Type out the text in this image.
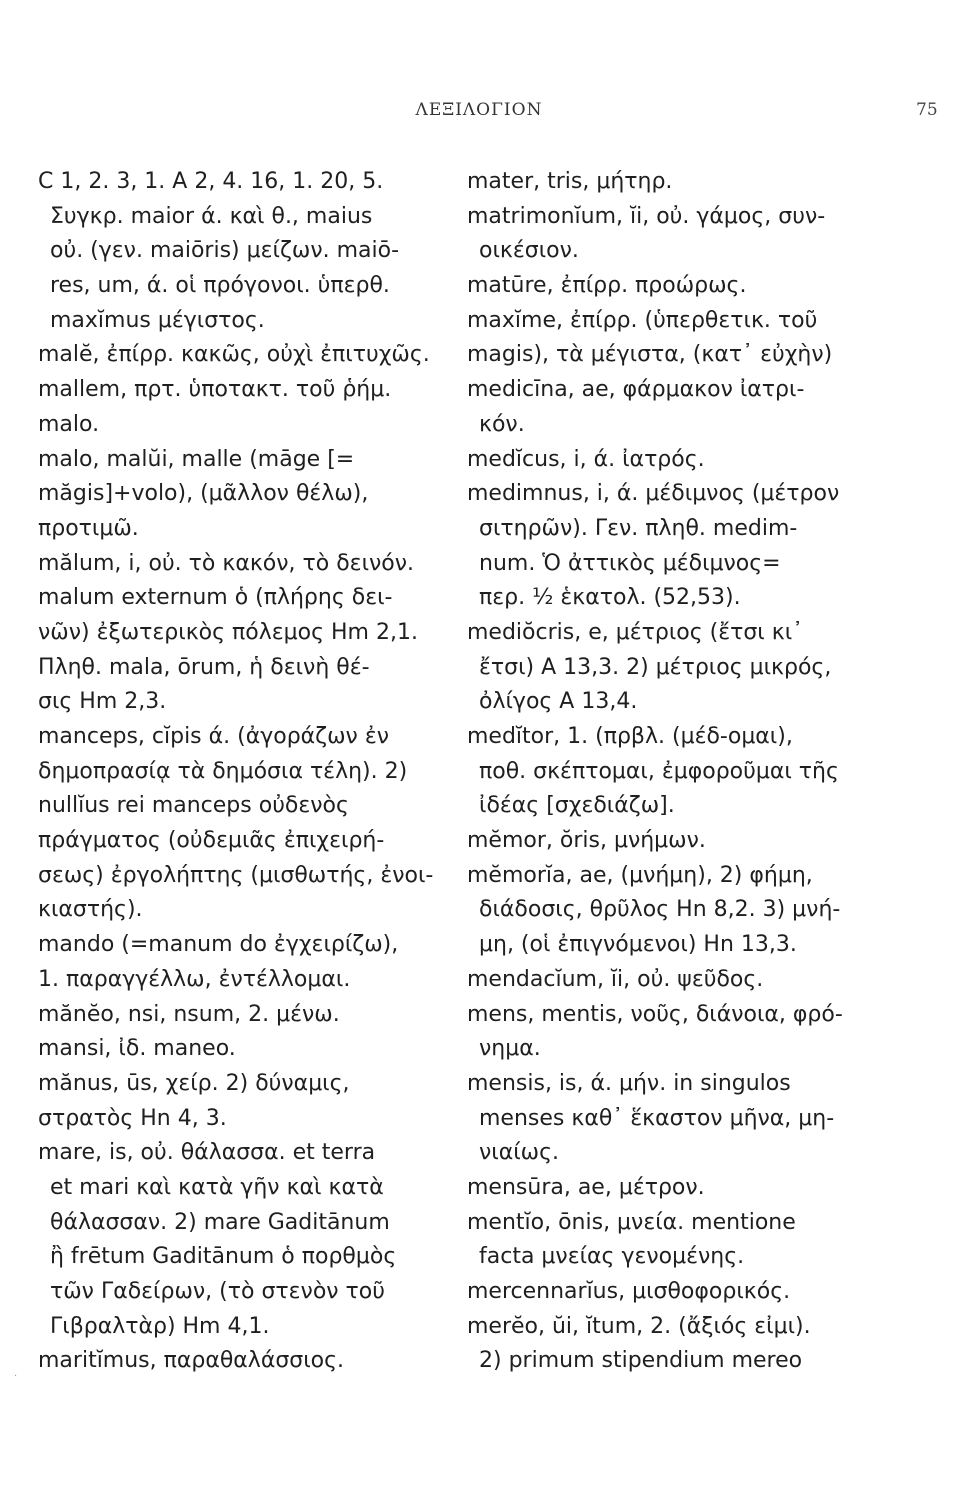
ΛΕΞΙΛΟΓΙΟΝ	75
C 1, 2. 3, 1. A 2, 4. 16, 1. 20, 5.
Συγκρ. maior ά. καὶ θ., maius
οὐ. (γεν. maiōris) μείζων. maiō-
res, um, ά. οἱ πρόγονοι. ὑπερθ.
maxĭmus μέγιστος.
malĕ, ἐπίρρ. κακῶς, οὐχὶ ἐπιτυχῶς.
mallem, πρτ. ὑποτακτ. τοῦ ῥήμ.
malo.
malo, malŭi, malle (māge [=
măgis]+volo), (μᾶλλον θέλω),
προτιμῶ.
mălum, i, οὐ. τὸ κακόν, τὸ δεινόν.
malum externum ὁ (πλήρης δει-
νῶν) ἐξωτερικὸς πόλεμος Hm 2,1.
Πληθ. mala, ōrum, ἡ δεινὴ θέ-
σις Hm 2,3.
manceps, cĭpis ά. (ἀγοράζων ἐν
δημοπρασίᾳ τὰ δημόσια τέλη). 2)
nullĭus rei manceps οὐδενὸς
πράγματος (οὐδεμιᾶς ἐπιχειρή-
σεως) ἐργολήπτης (μισθωτής, ἐνοι-
κιαστής).
mando (=manum do ἐγχειρίζω),
1. παραγγέλλω, ἐντέλλομαι.
mănĕo, nsi, nsum, 2. μένω.
mansi, ἰδ. maneo.
mănus, ūs, χείρ. 2) δύναμις,
στρατὸς Hn 4, 3.
mare, is, οὐ. θάλασσα. et terra
et mari καὶ κατὰ γῆν καὶ κατὰ
θάλασσαν. 2) mare Gaditānum
ἢ frētum Gaditānum ὁ πορθμὸς
τῶν Γαδείρων, (τὸ στενὸν τοῦ
Γιβραλτὰρ) Hm 4,1.
maritĭmus, παραθαλάσσιος.
mater, tris, μήτηρ.
matrimonĭum, ĭi, οὐ. γάμος, συν-
οικέσιον.
matūre, ἐπίρρ. προώρως.
maxĭme, ἐπίρρ. (ὑπερθετικ. τοῦ
magis), τὰ μέγιστα, (κατ᾽ εὐχὴν)
medicīna, ae, φάρμακον ἰατρι-
κόν.
medĭcus, i, ά. ἰατρός.
medimnus, i, ά. μέδιμνος (μέτρον
σιτηρῶν). Γεν. πληθ. medim-
num. Ὁ ἀττικὸς μέδιμνος=
περ. ½ ἑκατολ. (52,53).
mediŏcris, e, μέτριος (ἔτσι κι᾽
ἔτσι) A 13,3. 2) μέτριος μικρός,
ὀλίγος A 13,4.
medĭtor, 1. (πρβλ. (μέδ-ομαι),
ποθ. σκέπτομαι, ἐμφοροῦμαι τῆς
ἰδέας [σχεδιάζω].
mĕmor, ŏris, μνήμων.
mĕmorĭa, ae, (μνήμη), 2) φήμη,
διάδοσις, θρῦλος Hn 8,2. 3) μνή-
μη, (οἱ ἐπιγνόμενοι) Hn 13,3.
mendacĭum, ĭi, οὐ. ψεῦδος.
mens, mentis, νοῦς, διάνοια, φρό-
νημα.
mensis, is, ά. μήν. in singulos
menses καθ᾽ ἕκαστον μῆνα, μη-
νιαίως.
mensūra, ae, μέτρον.
mentĭo, ōnis, μνεία. mentione
facta μνείας γενομένης.
mercennarĭus, μισθοφορικός.
merĕo, ŭi, ĭtum, 2. (ἄξιός εἰμι).
2) primum stipendium mereo
·
